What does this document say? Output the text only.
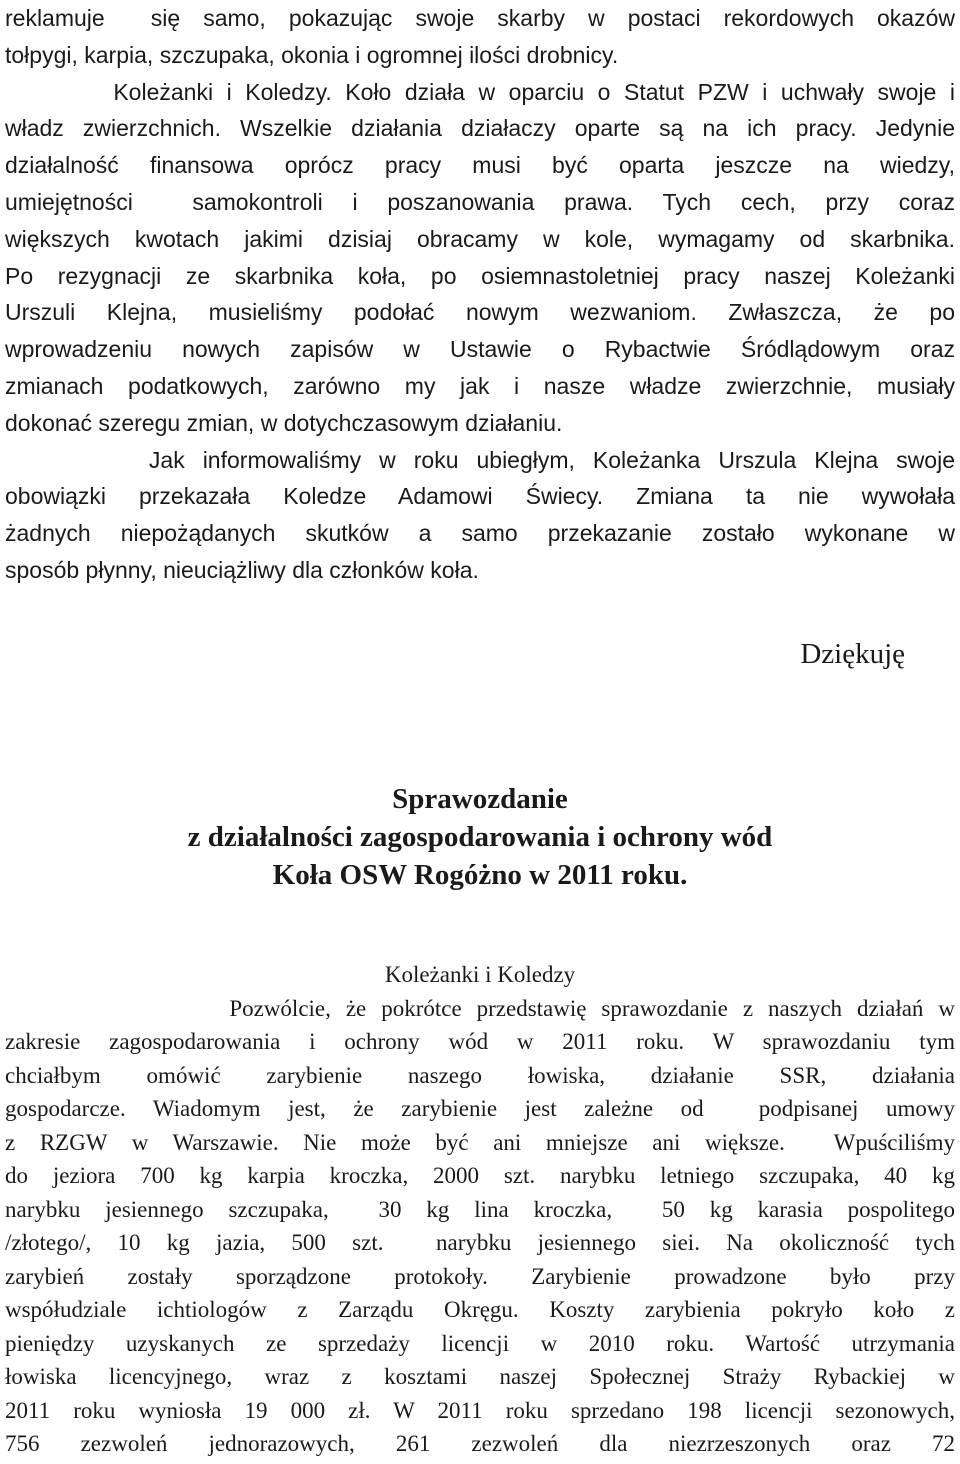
reklamuje  się samo, pokazując swoje skarby w postaci rekordowych okazów
tołpygi, karpia, szczupaka, okonia i ogromnej ilości drobnicy.
Koleżanki i Koledzy. Koło działa w oparciu o Statut PZW i uchwały swoje i
władz zwierzchnich. Wszelkie działania działaczy oparte są na ich pracy. Jedynie
działalność finansowa oprócz pracy musi być oparta jeszcze na wiedzy,
umiejętności  samokontroli i poszanowania prawa. Tych cech, przy coraz
większych kwotach jakimi dzisiaj obracamy w kole, wymagamy od skarbnika.
Po rezygnacji ze skarbnika koła, po osiemnastoletniej pracy naszej Koleżanki
Urszuli Klejna, musieliśmy podołać nowym wezwaniom. Zwłaszcza, że po
wprowadzeniu nowych zapisów w Ustawie o Rybactwie Śródlądowym oraz
zmianach podatkowych, zarówno my jak i nasze władze zwierzchnie, musiały
dokonać szeregu zmian, w dotychczasowym działaniu.
Jak informowaliśmy w roku ubiegłym, Koleżanka Urszula Klejna swoje
obowiązki przekazała Koledze Adamowi Świecy. Zmiana ta nie wywołała
żadnych niepożądanych skutków a samo przekazanie zostało wykonane w
sposób płynny, nieuciążliwy dla członków koła.
Dziękuję
Sprawozdanie
z działalności zagospodarowania i ochrony wód
Koła OSW Rogóżno w 2011 roku.
Koleżanki i Koledzy
Pozwólcie, że pokrótce przedstawię sprawozdanie z naszych działań w
zakresie zagospodarowania i ochrony wód w 2011 roku. W sprawozdaniu tym
chciałbym omówić zarybienie naszego łowiska, działanie SSR, działania
gospodarcze. Wiadomym jest, że zarybienie jest zależne od  podpisanej umowy
z RZGW w Warszawie. Nie może być ani mniejsze ani większe.  Wpuściliśmy
do jeziora 700 kg karpia kroczka, 2000 szt. narybku letniego szczupaka, 40 kg
narybku jesiennego szczupaka,  30 kg lina kroczka,  50 kg karasia pospolitego
/złotego/, 10 kg jazia, 500 szt.  narybku jesiennego siei. Na okoliczność tych
zarybień zostały sporządzone protokoły. Zarybienie prowadzone było przy
współudziale ichtiologów z Zarządu Okręgu. Koszty zarybienia pokryło koło z
pieniędzy uzyskanych ze sprzedaży licencji w 2010 roku. Wartość utrzymania
łowiska licencyjnego, wraz z kosztami naszej Społecznej Straży Rybackiej w
2011 roku wyniosła 19 000 zł. W 2011 roku sprzedano 198 licencji sezonowych,
756 zezwoleń jednorazowych, 261 zezwoleń dla niezrzeszonych oraz 72
